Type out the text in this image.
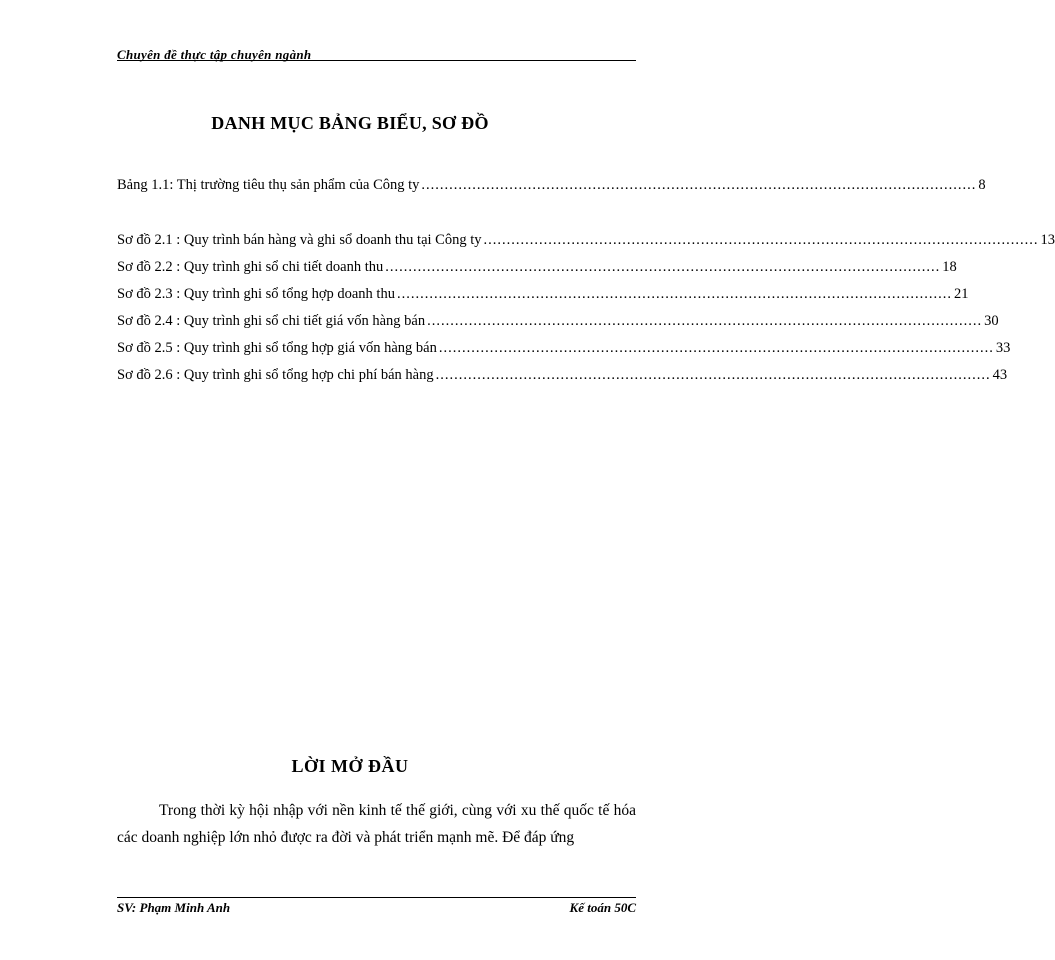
Chuyên đề thực tập chuyên ngành
DANH MỤC BẢNG BIỂU, SƠ ĐỒ
Bảng 1.1: Thị trường tiêu thụ sản phẩm của Công ty ........................................................................................................................ 8
Sơ đồ 2.1 : Quy trình bán hàng và ghi sổ doanh thu tại Công ty ........................................................................................................................ 13
Sơ đồ 2.2 : Quy trình ghi sổ chi tiết doanh thu ........................................................................................................................ 18
Sơ đồ 2.3 : Quy trình ghi sổ tổng hợp doanh thu ........................................................................................................................ 21
Sơ đồ 2.4 : Quy trình ghi sổ chi tiết giá vốn hàng bán ........................................................................................................................ 30
Sơ đồ 2.5 : Quy trình ghi sổ tổng hợp giá vốn hàng bán ........................................................................................................................ 33
Sơ đồ 2.6 : Quy trình ghi sổ tổng hợp chi phí bán hàng ........................................................................................................................ 43
LỜI MỞ ĐẦU
Trong thời kỳ hội nhập với nền kinh tế thế giới, cùng với xu thế quốc tế hóa các doanh nghiệp lớn nhỏ được ra đời và phát triển mạnh mẽ. Để đáp ứng
SV: Phạm Minh Anh	Kế toán 50C
